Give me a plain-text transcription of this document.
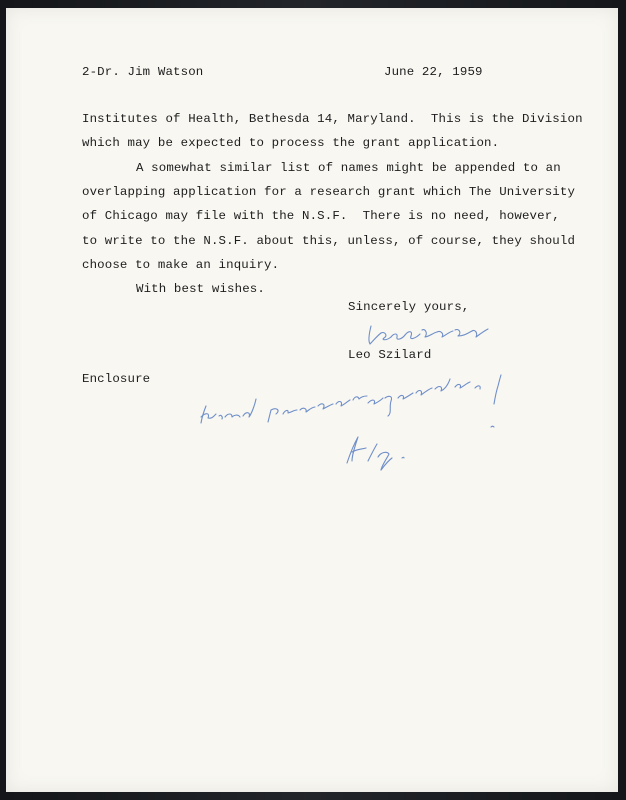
2-Dr. Jim Watson	June 22, 1959
Institutes of Health, Bethesda 14, Maryland.  This is the Division
which may be expected to process the grant application.
A somewhat similar list of names might be appended to an
overlapping application for a research grant which The University
of Chicago may file with the N.S.F.  There is no need, however,
to write to the N.S.F. about this, unless, of course, they should
choose to make an inquiry.
With best wishes.
Sincerely yours,
Leo Szilard
Enclosure
